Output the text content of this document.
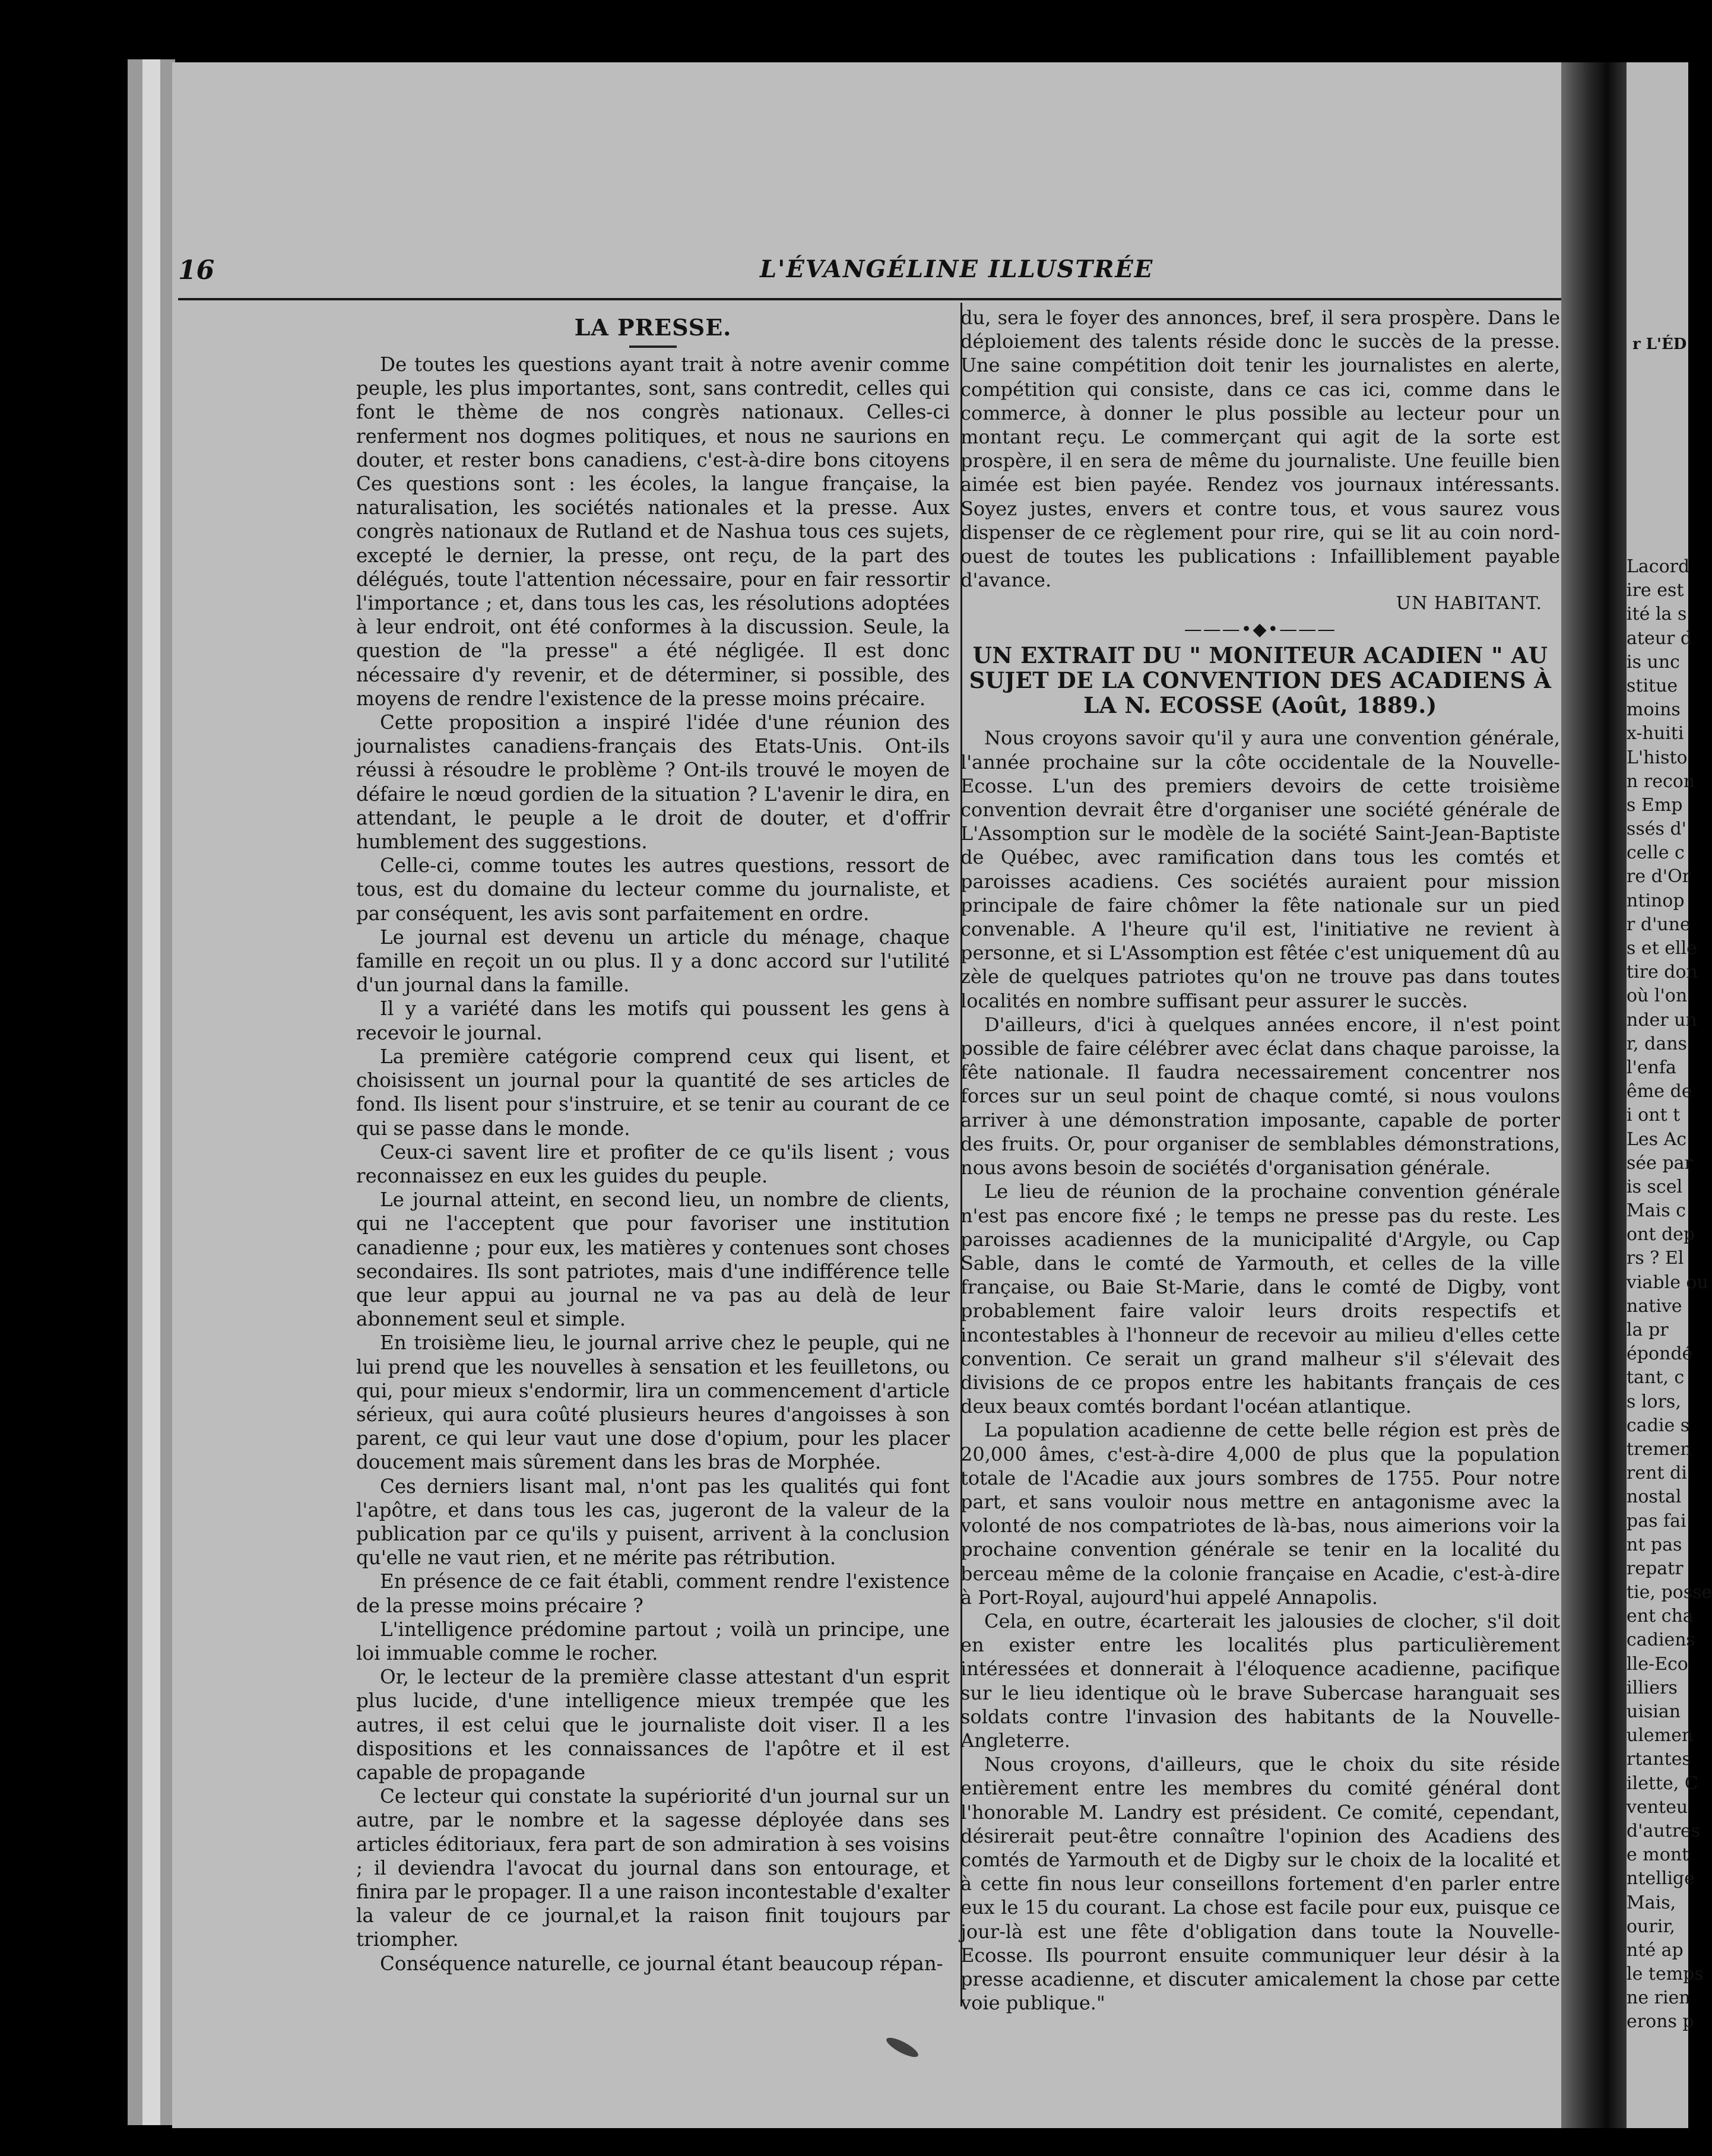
16	L'ÉVANGÉLINE ILLUSTRÉE
LA PRESSE.

De toutes les questions ayant trait à notre avenir comme peuple, les plus importantes, sont, sans contredit, celles qui font le thème de nos congrès nationaux. Celles-ci renferment nos dogmes politiques, et nous ne saurions en douter, et rester bons canadiens, c'est-à-dire bons citoyens Ces questions sont : les écoles, la langue française, la naturalisation, les sociétés nationales et la presse. Aux congrès nationaux de Rutland et de Nashua tous ces sujets, excepté le dernier, la presse, ont reçu, de la part des délégués, toute l'attention nécessaire, pour en fair ressortir l'importance ; et, dans tous les cas, les résolutions adoptées à leur endroit, ont été conformes à la discussion. Seule, la question de "la presse" a été négligée. Il est donc nécessaire d'y revenir, et de déterminer, si possible, des moyens de rendre l'existence de la presse moins précaire.

Cette proposition a inspiré l'idée d'une réunion des journalistes canadiens-français des Etats-Unis. Ont-ils réussi à résoudre le problème ? Ont-ils trouvé le moyen de défaire le nœud gordien de la situation ? L'avenir le dira, en attendant, le peuple a le droit de douter, et d'offrir humblement des suggestions.

Celle-ci, comme toutes les autres questions, ressort de tous, est du domaine du lecteur comme du journaliste, et par conséquent, les avis sont parfaitement en ordre.

Le journal est devenu un article du ménage, chaque famille en reçoit un ou plus. Il y a donc accord sur l'utilité d'un journal dans la famille.

Il y a variété dans les motifs qui poussent les gens à recevoir le journal.

La première catégorie comprend ceux qui lisent, et choisissent un journal pour la quantité de ses articles de fond. Ils lisent pour s'instruire, et se tenir au courant de ce qui se passe dans le monde.

Ceux-ci savent lire et profiter de ce qu'ils lisent ; vous reconnaissez en eux les guides du peuple.

Le journal atteint, en second lieu, un nombre de clients, qui ne l'acceptent que pour favoriser une institution canadienne ; pour eux, les matières y contenues sont choses secondaires. Ils sont patriotes, mais d'une indifférence telle que leur appui au journal ne va pas au delà de leur abonnement seul et simple.

En troisième lieu, le journal arrive chez le peuple, qui ne lui prend que les nouvelles à sensation et les feuilletons, ou qui, pour mieux s'endormir, lira un commencement d'article sérieux, qui aura coûté plusieurs heures d'angoisses à son parent, ce qui leur vaut une dose d'opium, pour les placer doucement mais sûrement dans les bras de Morphée.

Ces derniers lisant mal, n'ont pas les qualités qui font l'apôtre, et dans tous les cas, jugeront de la valeur de la publication par ce qu'ils y puisent, arrivent à la conclusion qu'elle ne vaut rien, et ne mérite pas rétribution.

En présence de ce fait établi, comment rendre l'existence de la presse moins précaire ?

L'intelligence prédomine partout ; voilà un principe, une loi immuable comme le rocher.

Or, le lecteur de la première classe attestant d'un esprit plus lucide, d'une intelligence mieux trempée que les autres, il est celui que le journaliste doit viser. Il a les dispositions et les connaissances de l'apôtre et il est capable de propagande

Ce lecteur qui constate la supériorité d'un journal sur un autre, par le nombre et la sagesse déployée dans ses articles éditoriaux, fera part de son admiration à ses voisins ; il deviendra l'avocat du journal dans son entourage, et finira par le propager. Il a une raison incontestable d'exalter la valeur de ce journal,et la raison finit toujours par triompher.

Conséquence naturelle, ce journal étant beaucoup répan-

du, sera le foyer des annonces, bref, il sera prospère. Dans le déploiement des talents réside donc le succès de la presse. Une saine compétition doit tenir les journalistes en alerte, compétition qui consiste, dans ce cas ici, comme dans le commerce, à donner le plus possible au lecteur pour un montant reçu. Le commerçant qui agit de la sorte est prospère, il en sera de même du journaliste. Une feuille bien aimée est bien payée. Rendez vos journaux intéressants. Soyez justes, envers et contre tous, et vous saurez vous dispenser de ce règlement pour rire, qui se lit au coin nord-ouest de toutes les publications : Infailliblement payable d'avance.

UN HABITANT.
———•◆•———
UN EXTRAIT DU " MONITEUR ACADIEN " AU SUJET DE LA CONVENTION DES ACADIENS À LA N. ECOSSE (Août, 1889.)

Nous croyons savoir qu'il y aura une convention générale, l'année prochaine sur la côte occidentale de la Nouvelle-Ecosse. L'un des premiers devoirs de cette troisième convention devrait être d'organiser une société générale de L'Assomption sur le modèle de la société Saint-Jean-Baptiste de Québec, avec ramification dans tous les comtés et paroisses acadiens. Ces sociétés auraient pour mission principale de faire chômer la fête nationale sur un pied convenable. A l'heure qu'il est, l'initiative ne revient à personne, et si L'Assomption est fêtée c'est uniquement dû au zèle de quelques patriotes qu'on ne trouve pas dans toutes localités en nombre suffisant peur assurer le succès.

D'ailleurs, d'ici à quelques années encore, il n'est point possible de faire célébrer avec éclat dans chaque paroisse, la fête nationale. Il faudra necessairement concentrer nos forces sur un seul point de chaque comté, si nous voulons arriver à une démonstration imposante, capable de porter des fruits. Or, pour organiser de semblables démonstrations, nous avons besoin de sociétés d'organisation générale.

Le lieu de réunion de la prochaine convention générale n'est pas encore fixé ; le temps ne presse pas du reste. Les paroisses acadiennes de la municipalité d'Argyle, ou Cap Sable, dans le comté de Yarmouth, et celles de la ville française, ou Baie St-Marie, dans le comté de Digby, vont probablement faire valoir leurs droits respectifs et incontestables à l'honneur de recevoir au milieu d'elles cette convention. Ce serait un grand malheur s'il s'élevait des divisions de ce propos entre les habitants français de ces deux beaux comtés bordant l'océan atlantique.

La population acadienne de cette belle région est près de 20,000 âmes, c'est-à-dire 4,000 de plus que la population totale de l'Acadie aux jours sombres de 1755. Pour notre part, et sans vouloir nous mettre en antagonisme avec la volonté de nos compatriotes de là-bas, nous aimerions voir la prochaine convention générale se tenir en la localité du berceau même de la colonie française en Acadie, c'est-à-dire à Port-Royal, aujourd'hui appelé Annapolis.

Cela, en outre, écarterait les jalousies de clocher, s'il doit en exister entre les localités plus particulièrement intéressées et donnerait à l'éloquence acadienne, pacifique sur le lieu identique où le brave Subercase haranguait ses soldats contre l'invasion des habitants de la Nouvelle-Angleterre.

Nous croyons, d'ailleurs, que le choix du site réside entièrement entre les membres du comité général dont l'honorable M. Landry est président. Ce comité, cependant, désirerait peut-être connaître l'opinion des Acadiens des comtés de Yarmouth et de Digby sur le choix de la localité et à cette fin nous leur conseillons fortement d'en parler entre eux le 15 du courant. La chose est facile pour eux, puisque ce jour-là est une fête d'obligation dans toute la Nouvelle-Ecosse. Ils pourront ensuite communiquer leur désir à la presse acadienne, et discuter amicalement la chose par cette voie publique."

r L'ÉD
Lacord
ire est
ité la s
ateur d
is unc
stitue
moins
x-huiti
L'histo
n recon
s Emp
ssés d'
celle c
re d'Or
ntinop
r d'une
s et elle
tire don
où l'on
nder un
r, dans
l'enfa
ême de
i ont t
Les Ac
sée par
is scel
Mais c
ont dep
rs ? El
viable ou
native
la pr
épondé
tant, c
s lors,
cadie s
tremen
rent di
nostal
pas fai
nt pas
repatr
tie, posse
ent cha
cadiens
lle-Eco
illiers
uisian
ulemen
rtantes
ilette, C
venteu
d'autres
e mont
ntellige
Mais,
ourir,
nté ap
le temps
ne rien
erons p
